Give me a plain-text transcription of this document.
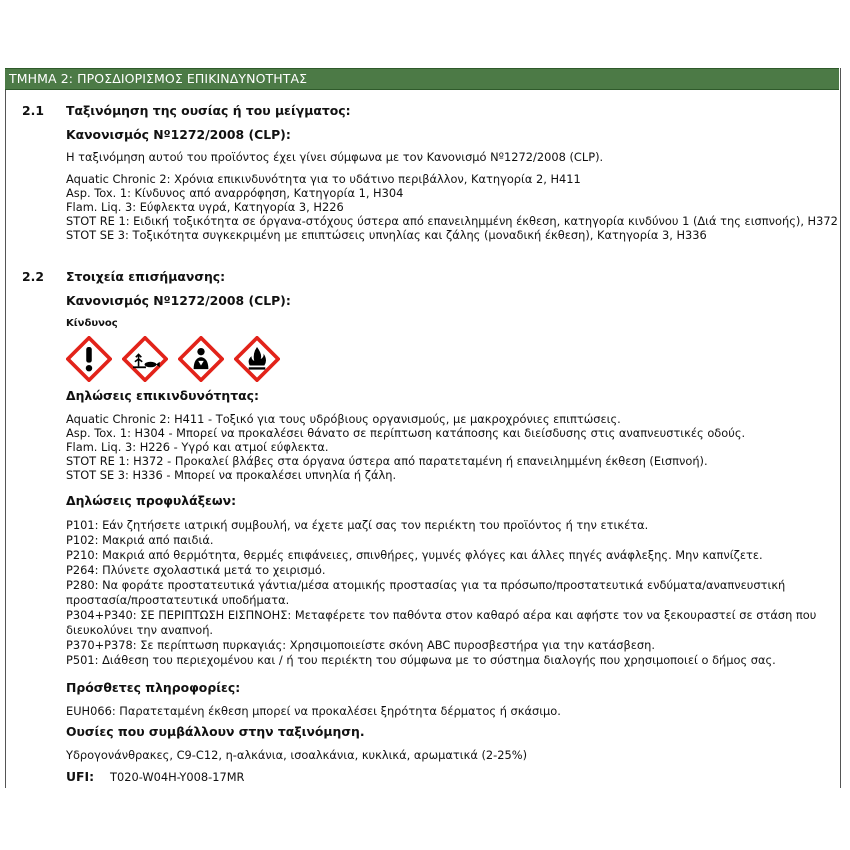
ΤΜΗΜΑ 2: ΠΡΟΣΔΙΟΡΙΣΜΟΣ ΕΠΙΚΙΝΔΥΝΟΤΗΤΑΣ
2.1 Ταξινόμηση της ουσίας ή του μείγματος:
Κανονισμός Νº1272/2008 (CLP):
Η ταξινόμηση αυτού του προϊόντος έχει γίνει σύμφωνα με τον Κανονισμό Nº1272/2008 (CLP).
Aquatic Chronic 2: Χρόνια επικινδυνότητα για το υδάτινο περιβάλλον, Κατηγορία 2, H411
Asp. Tox. 1: Κίνδυνος από αναρρόφηση, Κατηγορία 1, H304
Flam. Liq. 3: Εύφλεκτα υγρά, Κατηγορία 3, H226
STOT RE 1: Ειδική τοξικότητα σε όργανα-στόχους ύστερα από επανειλημμένη έκθεση, κατηγορία κινδύνου 1 (Διά της εισπνοής), H372
STOT SE 3: Τοξικότητα συγκεκριμένη με επιπτώσεις υπνηλίας και ζάλης (μοναδική έκθεση), Κατηγορία 3, H336
2.2 Στοιχεία επισήμανσης:
Κανονισμός Νº1272/2008 (CLP):
Κίνδυνος
Δηλώσεις επικινδυνότητας:
Aquatic Chronic 2: H411 - Τοξικό για τους υδρόβιους οργανισμούς, με μακροχρόνιες επιπτώσεις.
Asp. Tox. 1: H304 - Μπορεί να προκαλέσει θάνατο σε περίπτωση κατάποσης και διείσδυσης στις αναπνευστικές οδούς.
Flam. Liq. 3: H226 - Υγρό και ατμοί εύφλεκτα.
STOT RE 1: H372 - Προκαλεί βλάβες στα όργανα ύστερα από παρατεταμένη ή επανειλημμένη έκθεση (Εισπνοή).
STOT SE 3: H336 - Μπορεί να προκαλέσει υπνηλία ή ζάλη.
Δηλώσεις προφυλάξεων:
P101: Εάν ζητήσετε ιατρική συμβουλή, να έχετε μαζί σας τον περιέκτη του προϊόντος ή την ετικέτα.
P102: Μακριά από παιδιά.
P210: Μακριά από θερμότητα, θερμές επιφάνειες, σπινθήρες, γυμνές φλόγες και άλλες πηγές ανάφλεξης. Μην καπνίζετε.
P264: Πλύνετε σχολαστικά μετά το χειρισμό.
P280: Να φοράτε προστατευτικά γάντια/μέσα ατομικής προστασίας για τα πρόσωπο/προστατευτικά ενδύματα/αναπνευστική
προστασία/προστατευτικά υποδήματα.
P304+P340: ΣΕ ΠΕΡΙΠΤΩΣΗ ΕΙΣΠΝΟΗΣ: Μεταφέρετε τον παθόντα στον καθαρό αέρα και αφήστε τον να ξεκουραστεί σε στάση που
διευκολύνει την αναπνοή.
P370+P378: Σε περίπτωση πυρκαγιάς: Χρησιμοποιείστε σκόνη ABC πυροσβεστήρα για την κατάσβεση.
P501: Διάθεση του περιεχομένου και / ή του περιέκτη του σύμφωνα με το σύστημα διαλογής που χρησιμοποιεί ο δήμος σας.
Πρόσθετες πληροφορίες:
EUH066: Παρατεταμένη έκθεση μπορεί να προκαλέσει ξηρότητα δέρματος ή σκάσιμο.
Ουσίες που συμβάλλουν στην ταξινόμηση.
Υδρογονάνθρακες, C9-C12, η-αλκάνια, ισοαλκάνια, κυκλικά, αρωματικά (2-25%)
UFI: T020-W04H-Y008-17MR
